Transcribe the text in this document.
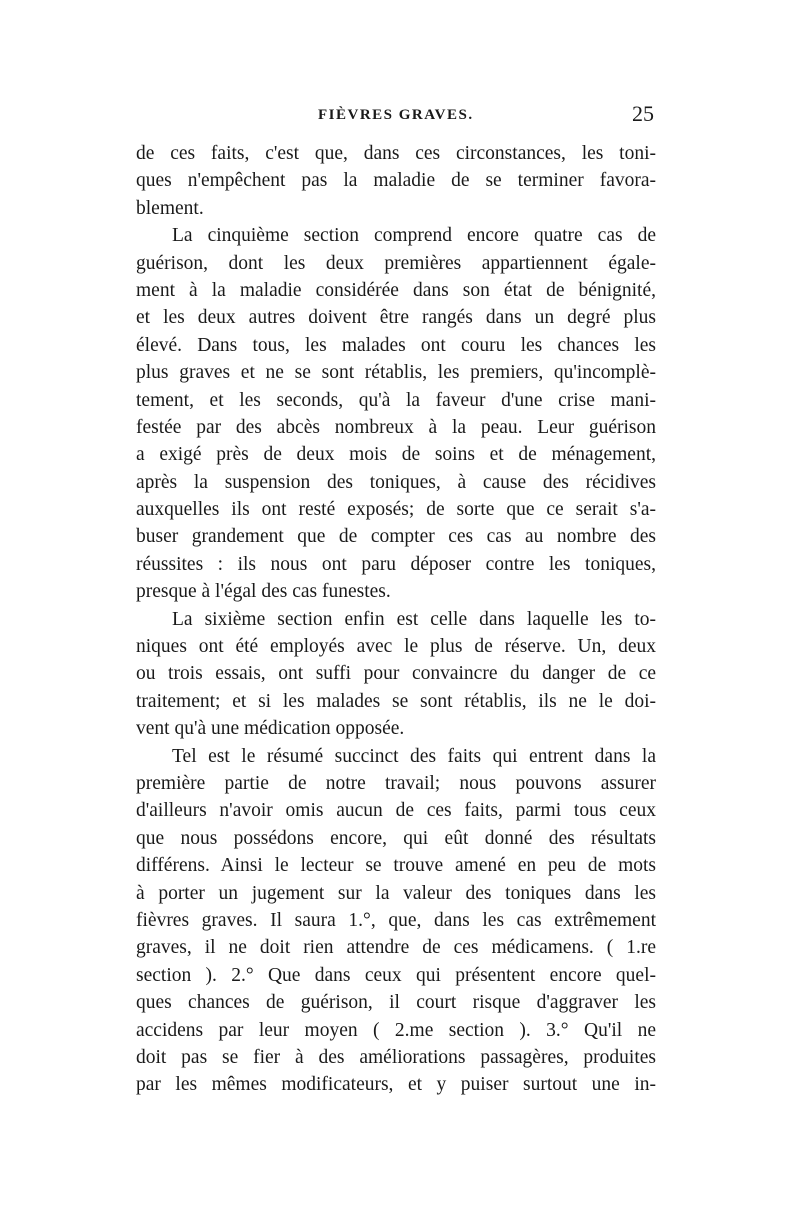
FIÈVRES GRAVES.	25
de ces faits, c'est que, dans ces circonstances, les toni-
ques n'empêchent pas la maladie de se terminer favora-
blement.
La cinquième section comprend encore quatre cas de
guérison, dont les deux premières appartiennent égale-
ment à la maladie considérée dans son état de bénignité,
et les deux autres doivent être rangés dans un degré plus
élevé. Dans tous, les malades ont couru les chances les
plus graves et ne se sont rétablis, les premiers, qu'incomplè-
tement, et les seconds, qu'à la faveur d'une crise mani-
festée par des abcès nombreux à la peau. Leur guérison
a exigé près de deux mois de soins et de ménagement,
après la suspension des toniques, à cause des récidives
auxquelles ils ont resté exposés; de sorte que ce serait s'a-
buser grandement que de compter ces cas au nombre des
réussites : ils nous ont paru déposer contre les toniques,
presque à l'égal des cas funestes.
La sixième section enfin est celle dans laquelle les to-
niques ont été employés avec le plus de réserve. Un, deux
ou trois essais, ont suffi pour convaincre du danger de ce
traitement; et si les malades se sont rétablis, ils ne le doi-
vent qu'à une médication opposée.
Tel est le résumé succinct des faits qui entrent dans la
première partie de notre travail; nous pouvons assurer
d'ailleurs n'avoir omis aucun de ces faits, parmi tous ceux
que nous possédons encore, qui eût donné des résultats
différens. Ainsi le lecteur se trouve amené en peu de mots
à porter un jugement sur la valeur des toniques dans les
fièvres graves. Il saura 1.°, que, dans les cas extrêmement
graves, il ne doit rien attendre de ces médicamens. ( 1.re
section ). 2.° Que dans ceux qui présentent encore quel-
ques chances de guérison, il court risque d'aggraver les
accidens par leur moyen ( 2.me section ). 3.° Qu'il ne
doit pas se fier à des améliorations passagères, produites
par les mêmes modificateurs, et y puiser surtout une in-
